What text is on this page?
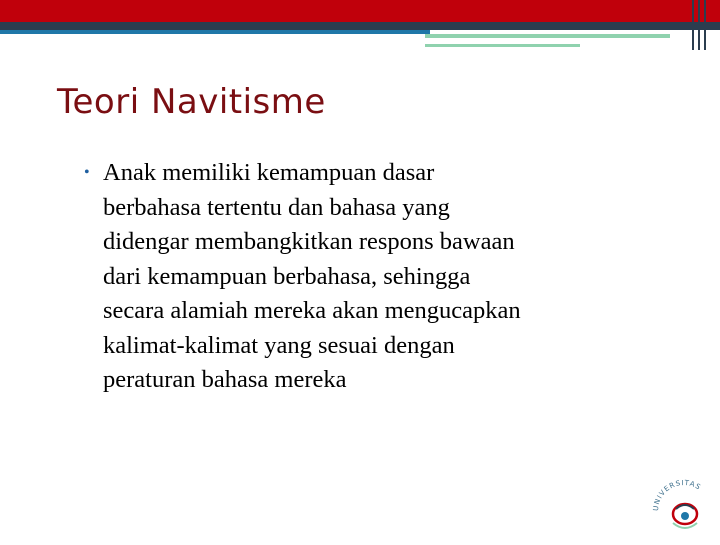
Teori Navitisme
• Anak memiliki kemampuan dasar
berbahasa tertentu dan bahasa yang
didengar membangkitkan respons bawaan
dari kemampuan berbahasa, sehingga
secara alamiah mereka akan mengucapkan
kalimat-kalimat yang sesuai dengan
peraturan bahasa mereka
UNIVERSITAS
